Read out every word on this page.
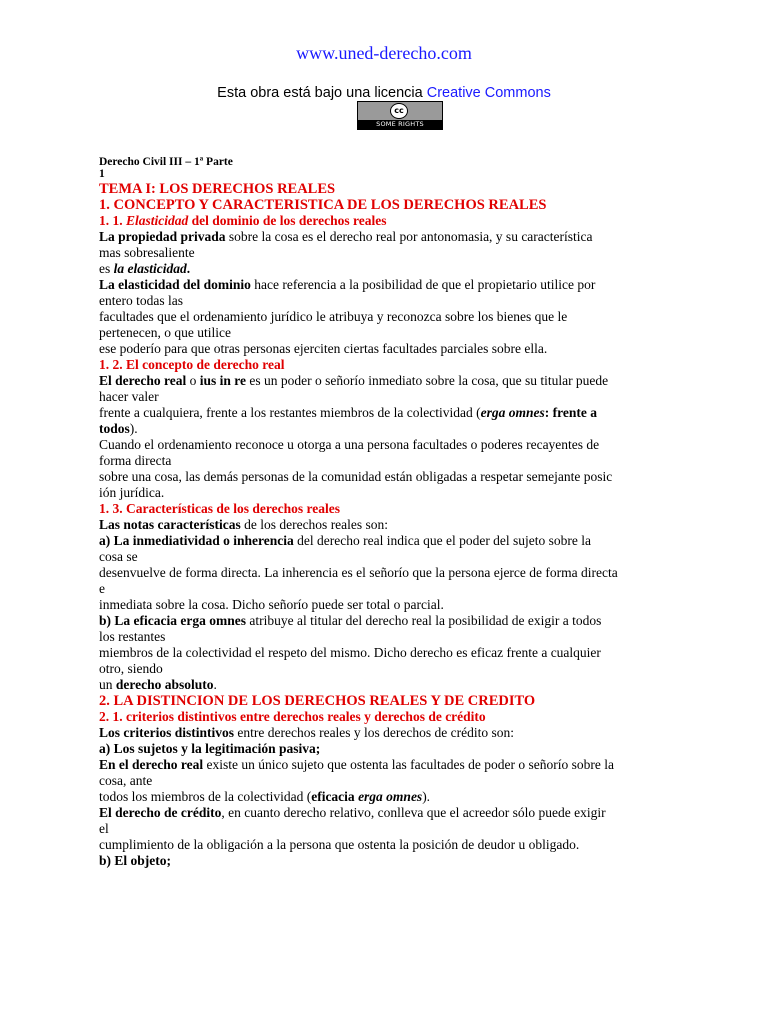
www.uned-derecho.com
Esta obra está bajo una licencia Creative Commons
cc
SOME RIGHTS RESERVED
Derecho Civil III – 1ª Parte
1
TEMA I: LOS DERECHOS REALES
1. CONCEPTO Y CARACTERISTICA DE LOS DERECHOS REALES
1. 1. Elasticidad del dominio de los derechos reales

La propiedad privada sobre la cosa es el derecho real por antonomasia, y su característica

mas sobresaliente

es la elasticidad.

La elasticidad del dominio hace referencia a la posibilidad de que el propietario utilice por

entero todas las

facultades que el ordenamiento jurídico le atribuya y reconozca sobre los bienes que le

pertenecen, o que utilice

ese poderío para que otras personas ejerciten ciertas facultades parciales sobre ella.

1. 2. El concepto de derecho real

El derecho real o ius in re es un poder o señorío inmediato sobre la cosa, que su titular puede

hacer valer

frente a cualquiera, frente a los restantes miembros de la colectividad (erga omnes: frente a

todos).

Cuando el ordenamiento reconoce u otorga a una persona facultades o poderes recayentes de

forma directa

sobre una cosa, las demás personas de la comunidad están obligadas a respetar semejante posic

ión jurídica.

1. 3. Características de los derechos reales

Las notas características de los derechos reales son:

a) La inmediatividad o inherencia del derecho real indica que el poder del sujeto sobre la

cosa se

desenvuelve de forma directa. La inherencia es el señorío que la persona ejerce de forma directa

e

inmediata sobre la cosa. Dicho señorío puede ser total o parcial.

b) La eficacia erga omnes atribuye al titular del derecho real la posibilidad de exigir a todos

los restantes

miembros de la colectividad el respeto del mismo. Dicho derecho es eficaz frente a cualquier

otro, siendo

un derecho absoluto.

2. LA DISTINCION DE LOS DERECHOS REALES Y DE CREDITO
2. 1. criterios distintivos entre derechos reales y derechos de crédito

Los criterios distintivos entre derechos reales y los derechos de crédito son:

a) Los sujetos y la legitimación pasiva;

En el derecho real existe un único sujeto que ostenta las facultades de poder o señorío sobre la

cosa, ante

todos los miembros de la colectividad (eficacia erga omnes).

El derecho de crédito, en cuanto derecho relativo, conlleva que el acreedor sólo puede exigir

el

cumplimiento de la obligación a la persona que ostenta la posición de deudor u obligado.

b) El objeto;
